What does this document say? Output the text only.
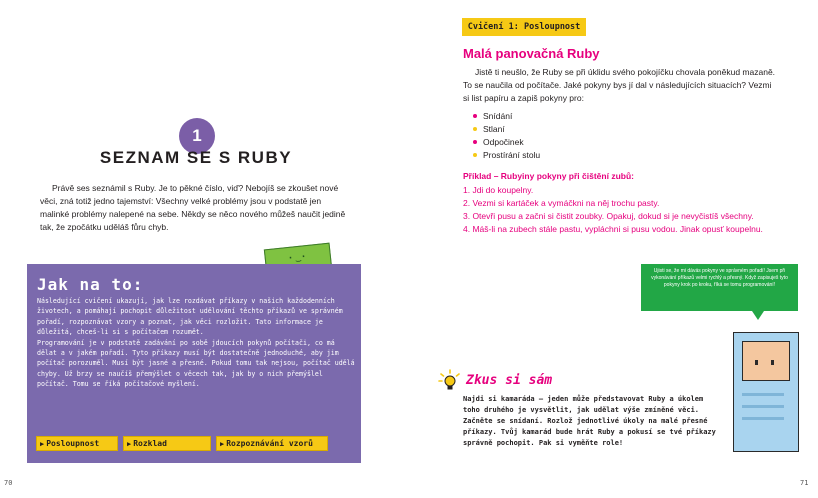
1
SEZNAM SE S RUBY

Právě ses seznámil s Ruby. Je to pěkné číslo, viď? Nebojíš se zkoušet nové věci, zná totiž jedno tajemství: Všechny velké problémy jsou v podstatě jen malinké problémy nalepené na sebe. Někdy se něco nového můžeš naučit jedině tak, že zpočátku uděláš fůru chyb.

· ͜ ·
Jak na to:

Následující cvičení ukazují, jak lze rozdávat příkazy v našich každodenních životech, a pomáhají pochopit důležitost udělování těchto příkazů ve správném pořadí, rozpoznávat vzory a poznat, jak věci rozložit. Tato informace je důležitá, chceš-li si s počítačem rozumět.

Programování je v podstatě zadávání po sobě jdoucích pokynů počítači, co má dělat a v jakém pořadí. Tyto příkazy musí být dostatečně jednoduché, aby jim počítač porozuměl. Musí být jasné a přesné. Pokud tomu tak nejsou, počítač udělá chyby. Už brzy se naučíš přemýšlet o věcech tak, jak by o nich přemýšlel počítač. Tomu se říká počítačové myšlení.

▶ Posloupnost	▶ Rozklad	▶ Rozpoznávání vzorů
70
Cvičení 1: Posloupnost
Malá panovačná Ruby

Jistě ti neušlo, že Ruby se při úklidu svého pokojíčku chovala poněkud mazaně. To se naučila od počítače. Jaké pokyny bys jí dal v následujících situacích? Vezmi si list papíru a zapiš pokyny pro:

Snídání
Stlaní
Odpočinek
Prostírání stolu
Příklad – Rubyiny pokyny při čištění zubů:
1. Jdi do koupelny.
2. Vezmi si kartáček a vymáčkni na něj trochu pasty.
3. Otevři pusu a začni si čistit zoubky. Opakuj, dokud si je nevyčistíš všechny.
4. Máš-li na zubech stále pastu, vypláchni si pusu vodou. Jinak opusť koupelnu.
Ujisti se, že mi dávás pokyny ve správném pořadí! Jsem při vykonávání příkazů velmi rychlý a přesný. Když zapisuješ tyto pokyny krok po kroku, říká se tomu programování!
Zkus si sám

Najdi si kamaráda – jeden může představovat Ruby a úkolem toho druhého je vysvětlit, jak udělat výše zmíněné věci. Začněte se snídaní. Rozlož jednotlivé úkoly na malé přesné příkazy. Tvůj kamarád bude hrát Ruby a pokusí se tvé příkazy správně pochopit. Pak si vyměňte role!

71
